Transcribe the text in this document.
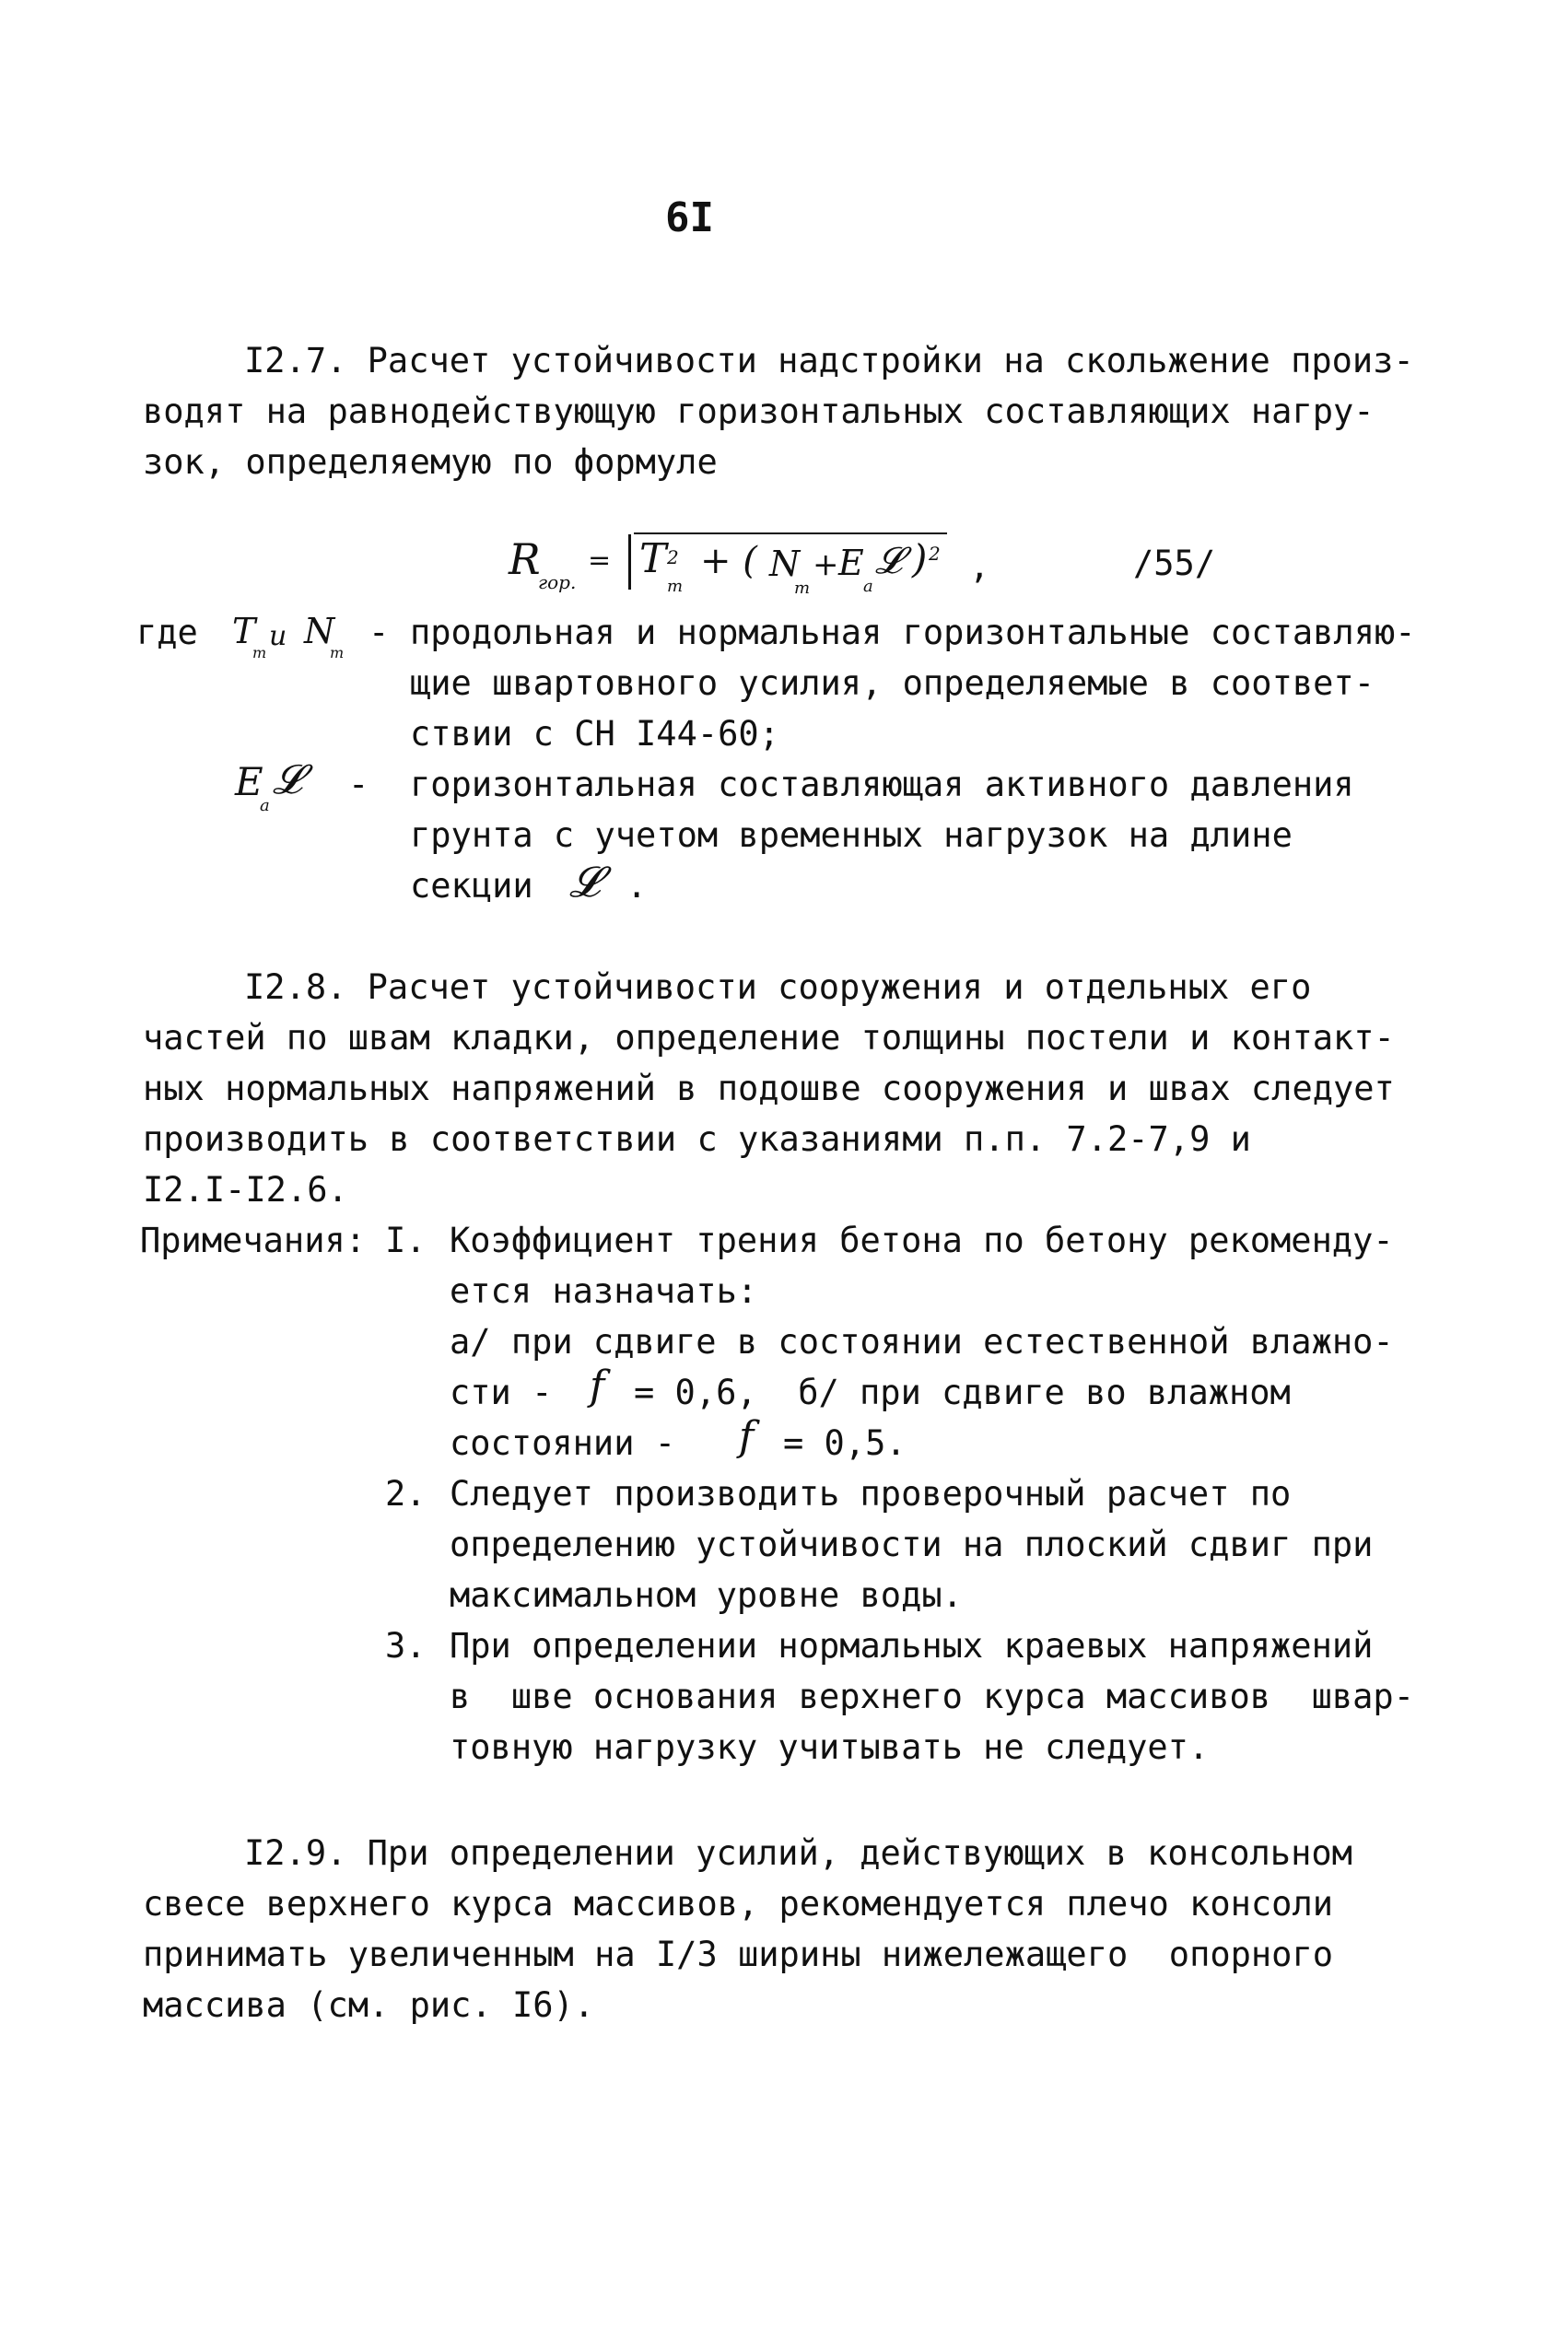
6I
I2.7. Расчет устойчивости надстройки на скольжение произ-
водят на равнодействующую горизонтальных составляющих нагру-
зок, определяемую по формуле
R
гор.
= T 2
m
+ ( N
m
+ E
a
𝓛 ) 2 ,	/55/
где T
m
и N
m
- продольная и нормальная горизонтальные составляю-
щие швартовного усилия, определяемые в соответ-
ствии с СН I44-60;
E
a
𝓛 - горизонтальная составляющая активного давления
грунта с учетом временных нагрузок на длине
секции 𝓛 .
I2.8. Расчет устойчивости сооружения и отдельных его
частей по швам кладки, определение толщины постели и контакт-
ных нормальных напряжений в подошве сооружения и швах следует
производить в соответствии с указаниями п.п. 7.2-7,9 и
I2.I-I2.6.
Примечания: I. Коэффициент трения бетона по бетону рекоменду-
ется назначать:
а/ при сдвиге в состоянии естественной влажно-
сти - f = 0,6,  б/ при сдвиге во влажном
состоянии - f = 0,5.
2. Следует производить проверочный расчет по
определению устойчивости на плоский сдвиг при
максимальном уровне воды.
3. При определении нормальных краевых напряжений
в  шве основания верхнего курса массивов  швар-
товную нагрузку учитывать не следует.
I2.9. При определении усилий, действующих в консольном
свесе верхнего курса массивов, рекомендуется плечо консоли
принимать увеличенным на I/3 ширины нижележащего  опорного
массива (см. рис. I6).
